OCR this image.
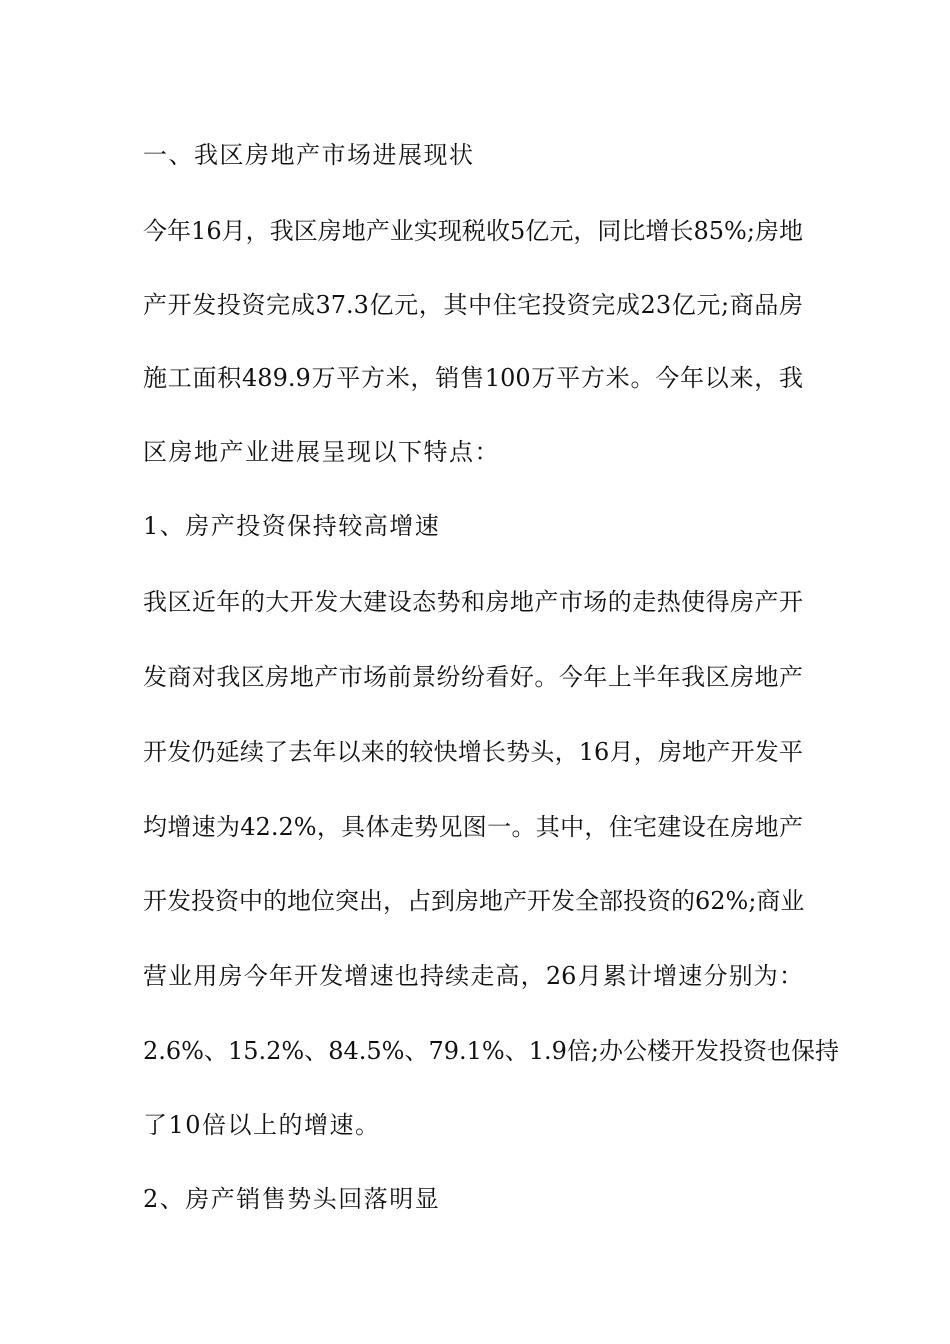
一、我区房地产市场进展现状

今年16月，我区房地产业实现税收5亿元，同比增长85%;房地

产开发投资完成37.3亿元，其中住宅投资完成23亿元;商品房

施工面积489.9万平方米，销售100万平方米。今年以来，我

区房地产业进展呈现以下特点：

1、房产投资保持较高增速

我区近年的大开发大建设态势和房地产市场的走热使得房产开

发商对我区房地产市场前景纷纷看好。今年上半年我区房地产

开发仍延续了去年以来的较快增长势头，16月，房地产开发平

均增速为42.2%，具体走势见图一。其中，住宅建设在房地产

开发投资中的地位突出，占到房地产开发全部投资的62%;商业

营业用房今年开发增速也持续走高，26月累计增速分别为：

2.6%、15.2%、84.5%、79.1%、1.9倍;办公楼开发投资也保持

了10倍以上的增速。

2、房产销售势头回落明显
